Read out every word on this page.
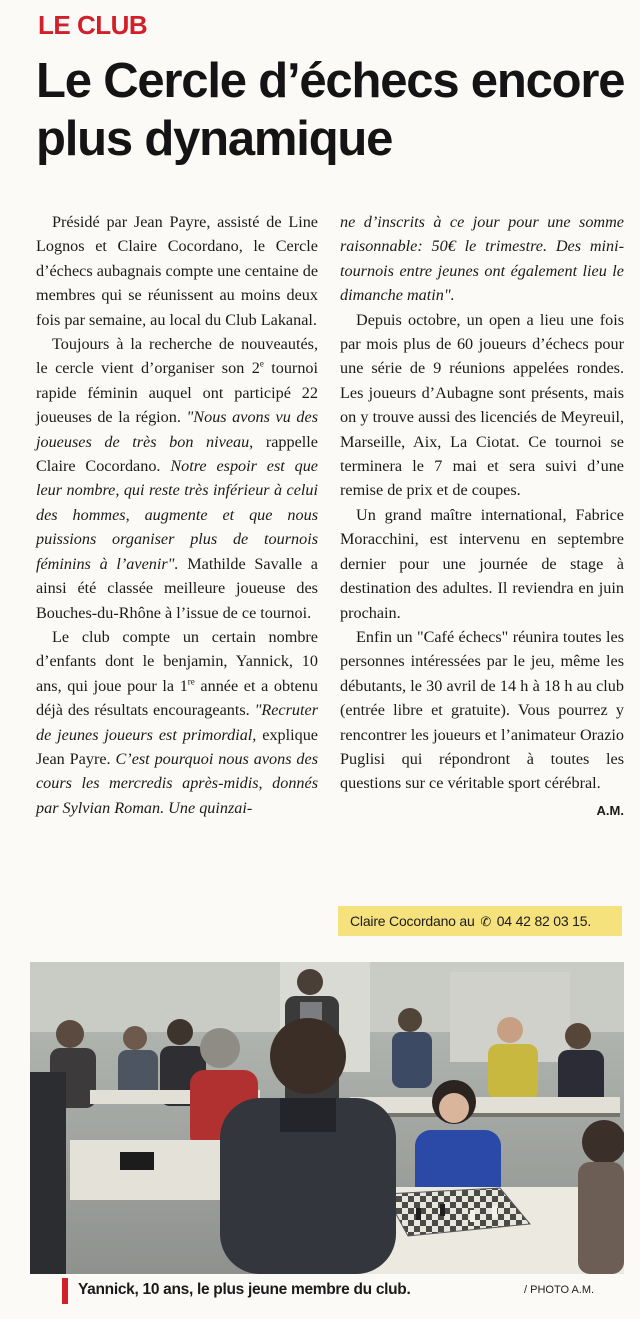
LE CLUB
Le Cercle d’échecs encore plus dynamique

Présidé par Jean Payre, assisté de Line Lognos et Claire Cocordano, le Cercle d’échecs aubagnais compte une centaine de membres qui se réunissent au moins deux fois par semaine, au local du Club Lakanal.

Toujours à la recherche de nouveautés, le cercle vient d’organiser son 2e tournoi rapide féminin auquel ont participé 22 joueuses de la région. "Nous avons vu des joueuses de très bon niveau, rappelle Claire Cocordano. Notre espoir est que leur nombre, qui reste très inférieur à celui des hommes, augmente et que nous puissions organiser plus de tournois féminins à l’avenir". Mathilde Savalle a ainsi été classée meilleure joueuse des Bouches-du-Rhône à l’issue de ce tournoi.

Le club compte un certain nombre d’enfants dont le benjamin, Yannick, 10 ans, qui joue pour la 1re année et a obtenu déjà des résultats encourageants. "Recruter de jeunes joueurs est primordial, explique Jean Payre. C’est pourquoi nous avons des cours les mercredis après-midis, donnés par Sylvian Roman. Une quinzai-

ne d’inscrits à ce jour pour une somme raisonnable: 50€ le trimestre. Des mini-tournois entre jeunes ont également lieu le dimanche matin".

Depuis octobre, un open a lieu une fois par mois plus de 60 joueurs d’échecs pour une série de 9 réunions appelées rondes. Les joueurs d’Aubagne sont présents, mais on y trouve aussi des licenciés de Meyreuil, Marseille, Aix, La Ciotat. Ce tournoi se terminera le 7 mai et sera suivi d’une remise de prix et de coupes.

Un grand maître international, Fabrice Moracchini, est intervenu en septembre dernier pour une journée de stage à destination des adultes. Il reviendra en juin prochain.

Enfin un "Café échecs" réunira toutes les personnes intéressées par le jeu, même les débutants, le 30 avril de 14 h à 18 h au club (entrée libre et gratuite). Vous pourrez y rencontrer les joueurs et l’animateur Orazio Puglisi qui répondront à toutes les questions sur ce véritable sport cérébral.
A.M.

Claire Cocordano au ✆ 04 42 82 03 15.
Yannick, 10 ans, le plus jeune membre du club.	/ PHOTO A.M.
